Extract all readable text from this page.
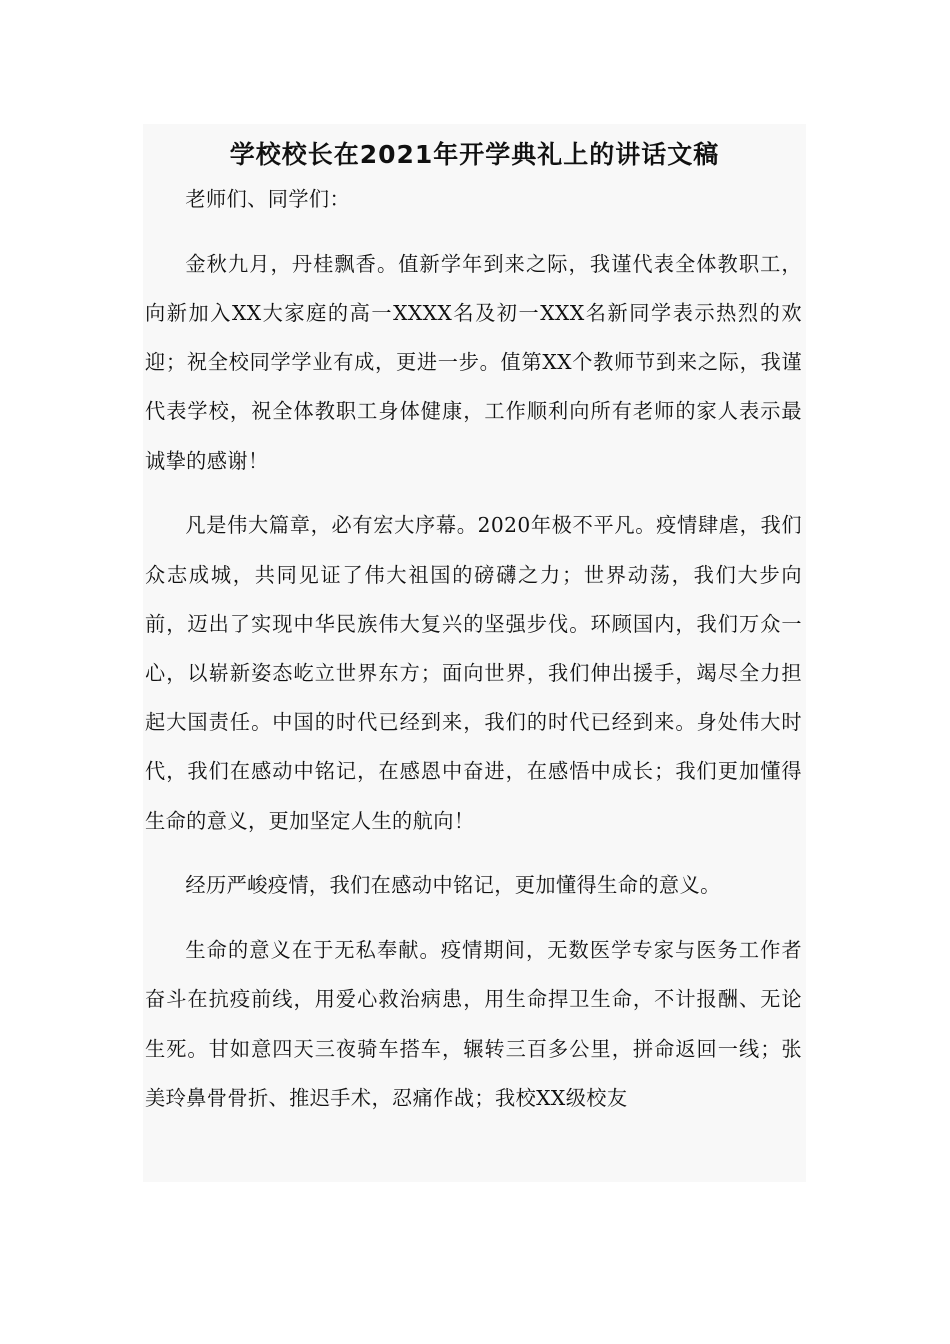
学校校长在2021年开学典礼上的讲话文稿

老师们、同学们：

金秋九月，丹桂飘香。值新学年到来之际，我谨代表全体教职工，向新加入XX大家庭的高一XXXX名及初一XXX名新同学表示热烈的欢迎；祝全校同学学业有成，更进一步。值第XX个教师节到来之际，我谨代表学校，祝全体教职工身体健康，工作顺利向所有老师的家人表示最诚挚的感谢！

凡是伟大篇章，必有宏大序幕。2020年极不平凡。疫情肆虐，我们众志成城，共同见证了伟大祖国的磅礴之力；世界动荡，我们大步向前，迈出了实现中华民族伟大复兴的坚强步伐。环顾国内，我们万众一心，以崭新姿态屹立世界东方；面向世界，我们伸出援手，竭尽全力担起大国责任。中国的时代已经到来，我们的时代已经到来。身处伟大时代，我们在感动中铭记，在感恩中奋进，在感悟中成长；我们更加懂得生命的意义，更加坚定人生的航向！

经历严峻疫情，我们在感动中铭记，更加懂得生命的意义。

生命的意义在于无私奉献。疫情期间，无数医学专家与医务工作者奋斗在抗疫前线，用爱心救治病患，用生命捍卫生命，不计报酬、无论生死。甘如意四天三夜骑车搭车，辗转三百多公里，拼命返回一线；张美玲鼻骨骨折、推迟手术，忍痛作战；我校XX级校友
